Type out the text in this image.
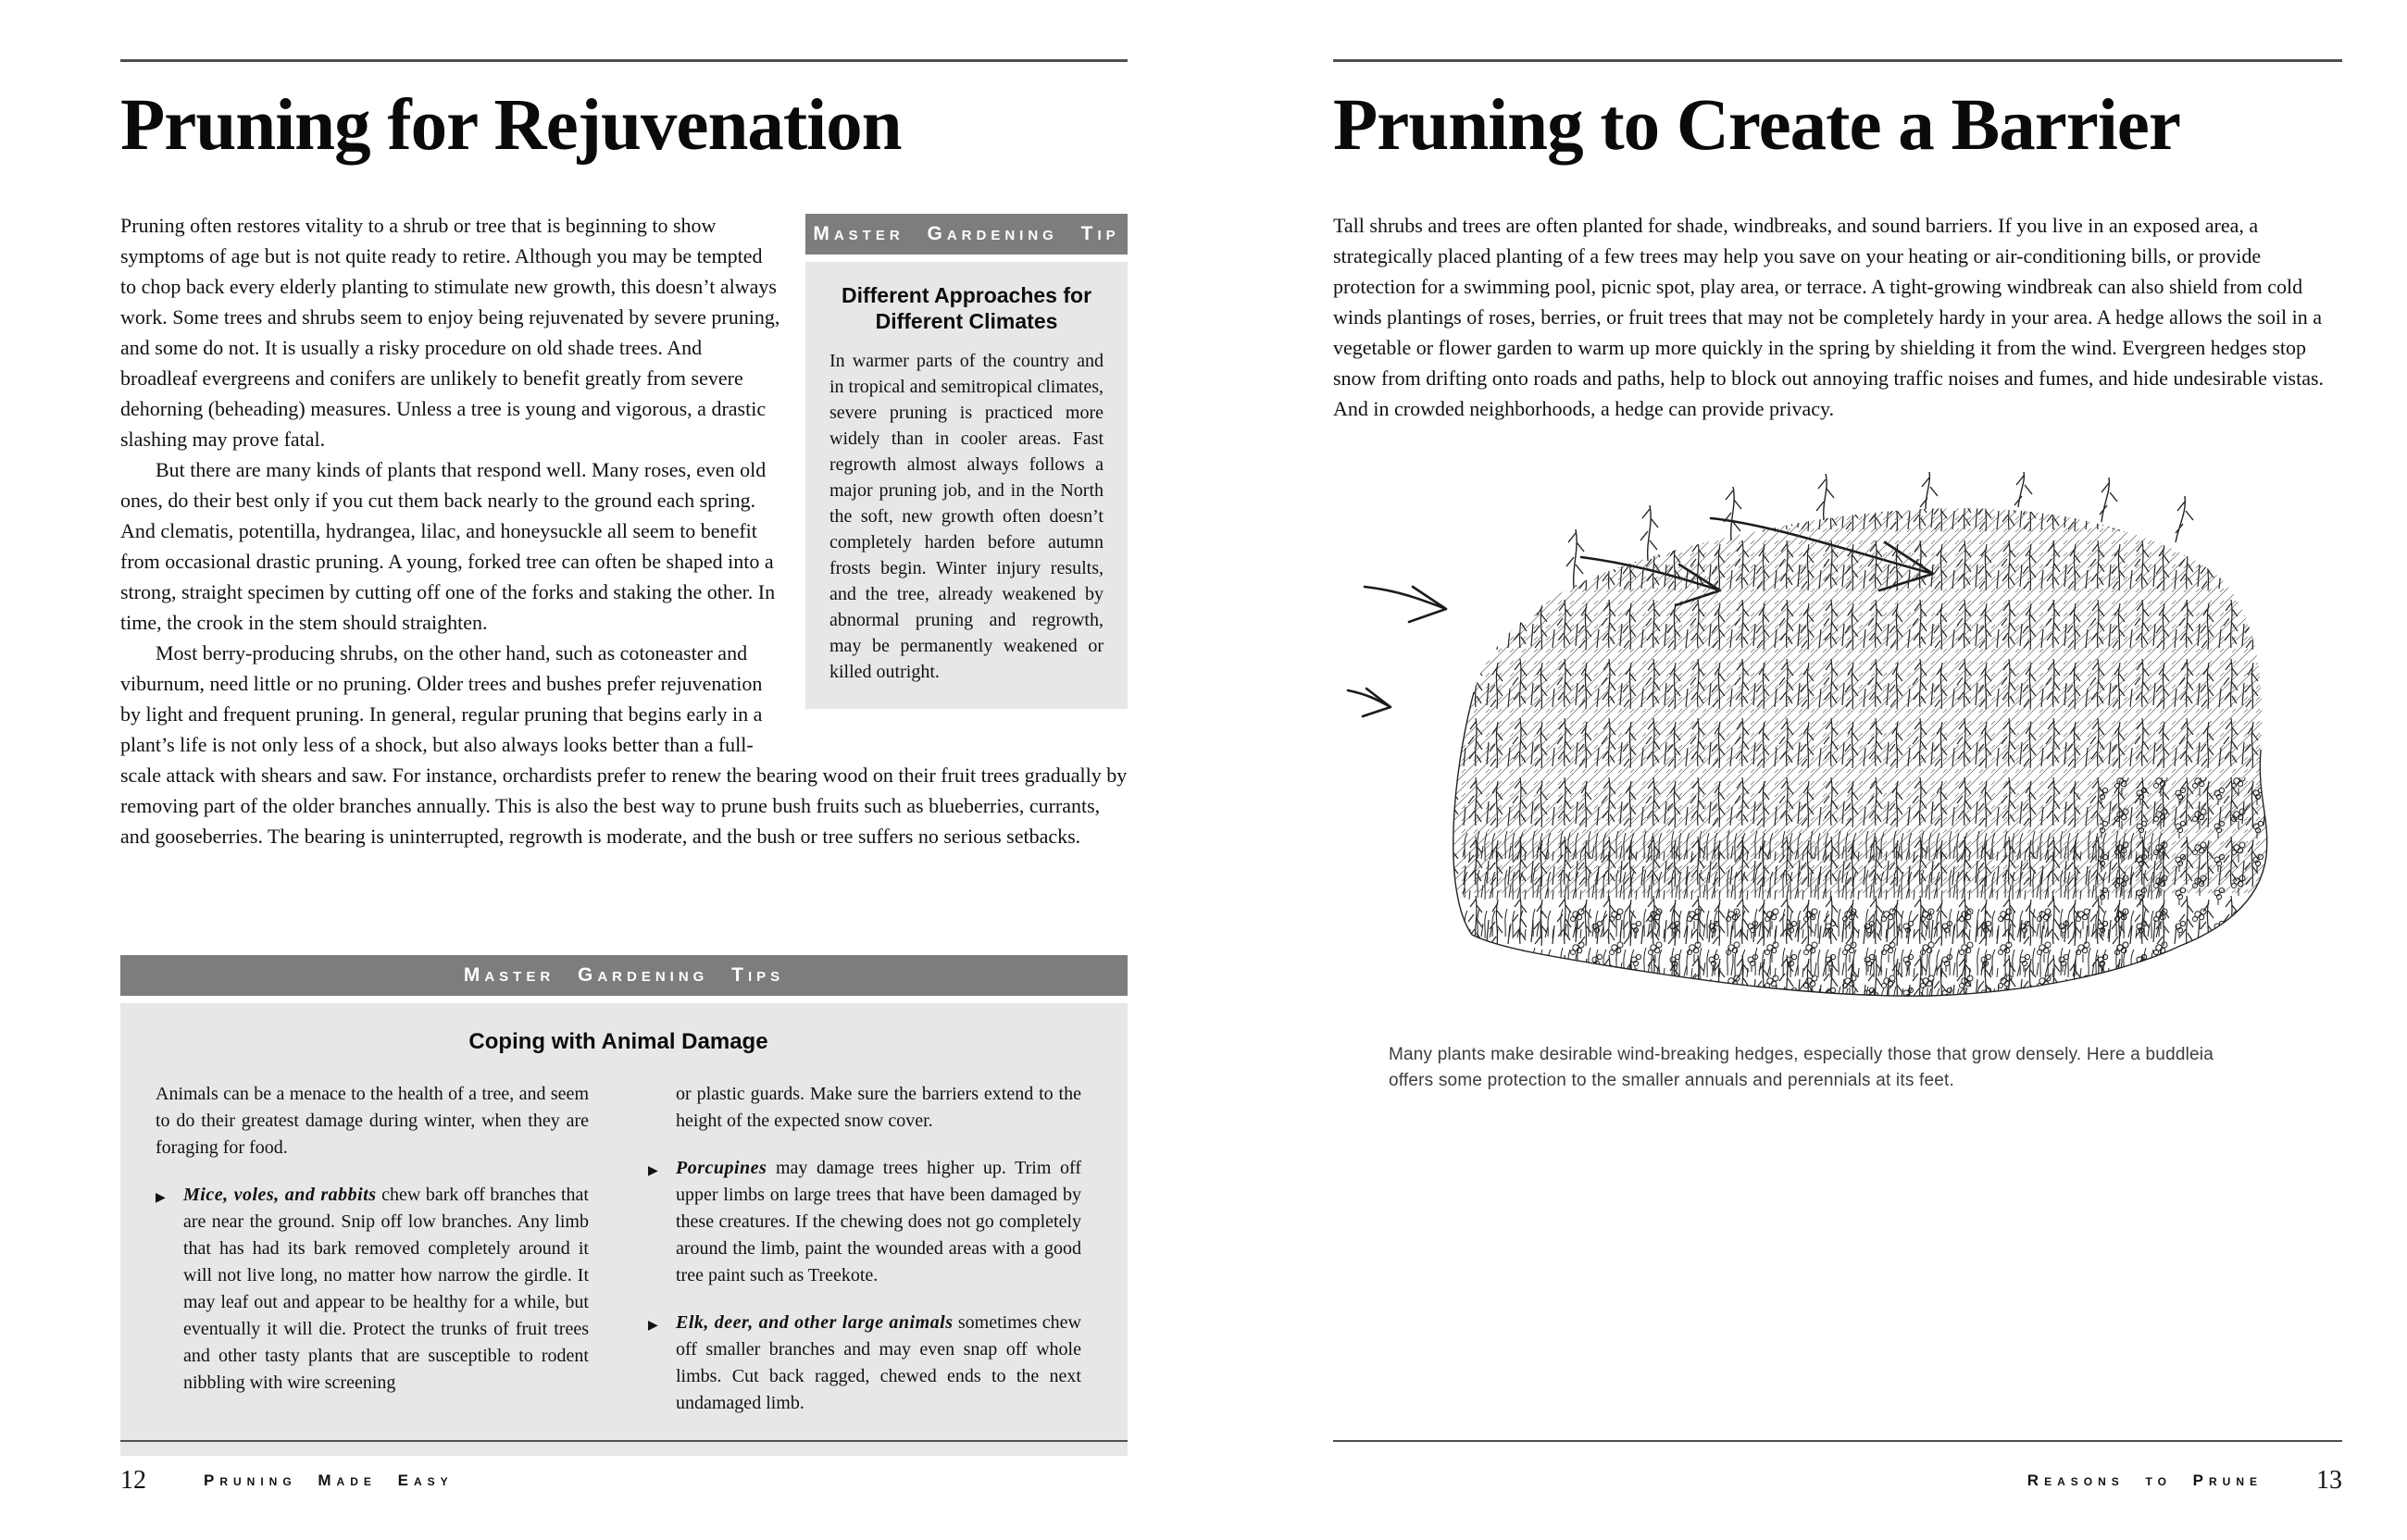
Pruning for Rejuvenation
Master Gardening Tip
Different Approaches for Different Climates
In warmer parts of the country and in tropical and semitropical climates, severe pruning is practiced more widely than in cooler areas. Fast regrowth almost always follows a major pruning job, and in the North the soft, new growth often doesn’t completely harden before autumn frosts begin. Winter injury results, and the tree, already weakened by abnormal pruning and regrowth, may be permanently weakened or killed outright.

Pruning often restores vitality to a shrub or tree that is beginning to show symptoms of age but is not quite ready to retire. Although you may be tempted to chop back every elderly planting to stimulate new growth, this doesn’t always work. Some trees and shrubs seem to enjoy being rejuvenated by severe pruning, and some do not. It is usually a risky procedure on old shade trees. And broadleaf evergreens and conifers are unlikely to benefit greatly from severe dehorning (beheading) measures. Unless a tree is young and vigorous, a drastic slashing may prove fatal.

But there are many kinds of plants that respond well. Many roses, even old ones, do their best only if you cut them back nearly to the ground each spring. And clematis, potentilla, hydrangea, lilac, and honeysuckle all seem to benefit from occasional drastic pruning. A young, forked tree can often be shaped into a strong, straight specimen by cutting off one of the forks and staking the other. In time, the crook in the stem should straighten.

Most berry-producing shrubs, on the other hand, such as cotoneaster and viburnum, need little or no pruning. Older trees and bushes prefer rejuvenation by light and frequent pruning. In general, regular pruning that begins early in a plant’s life is not only less of a shock, but also always looks better than a full-scale attack with shears and saw. For instance, orchardists prefer to renew the bearing wood on their fruit trees gradually by removing part of the older branches annually. This is also the best way to prune bush fruits such as blueberries, currants, and gooseberries. The bearing is uninterrupted, regrowth is moderate, and the bush or tree suffers no serious setbacks.

Master Gardening Tips
Coping with Animal Damage

Animals can be a menace to the health of a tree, and seem to do their greatest damage during winter, when they are foraging for food.

▶ Mice, voles, and rabbits chew bark off branches that are near the ground. Snip off low branches. Any limb that has had its bark removed completely around it will not live long, no matter how narrow the girdle. It may leaf out and appear to be healthy for a while, but eventually it will die. Protect the trunks of fruit trees and other tasty plants that are susceptible to rodent nibbling with wire screening

or plastic guards. Make sure the barriers extend to the height of the expected snow cover.

▶ Porcupines may damage trees higher up. Trim off upper limbs on large trees that have been damaged by these creatures. If the chewing does not go completely around the limb, paint the wounded areas with a good tree paint such as Treekote.
▶ Elk, deer, and other large animals sometimes chew off smaller branches and may even snap off whole limbs. Cut back ragged, chewed ends to the next undamaged limb.
Pruning to Create a Barrier

Tall shrubs and trees are often planted for shade, windbreaks, and sound barriers. If you live in an exposed area, a strategically placed planting of a few trees may help you save on your heating or air-conditioning bills, or provide protection for a swimming pool, picnic spot, play area, or terrace. A tight-growing windbreak can also shield from cold winds plantings of roses, berries, or fruit trees that may not be completely hardy in your area. A hedge allows the soil in a vegetable or flower garden to warm up more quickly in the spring by shielding it from the wind. Evergreen hedges stop snow from drifting onto roads and paths, help to block out annoying traffic noises and fumes, and hide undesirable vistas. And in crowded neighborhoods, a hedge can provide privacy.

Many plants make desirable wind-breaking hedges, especially those that grow densely. Here a buddleia offers some protection to the smaller annuals and perennials at its feet.

12	Pruning Made Easy	Reasons to Prune 13
